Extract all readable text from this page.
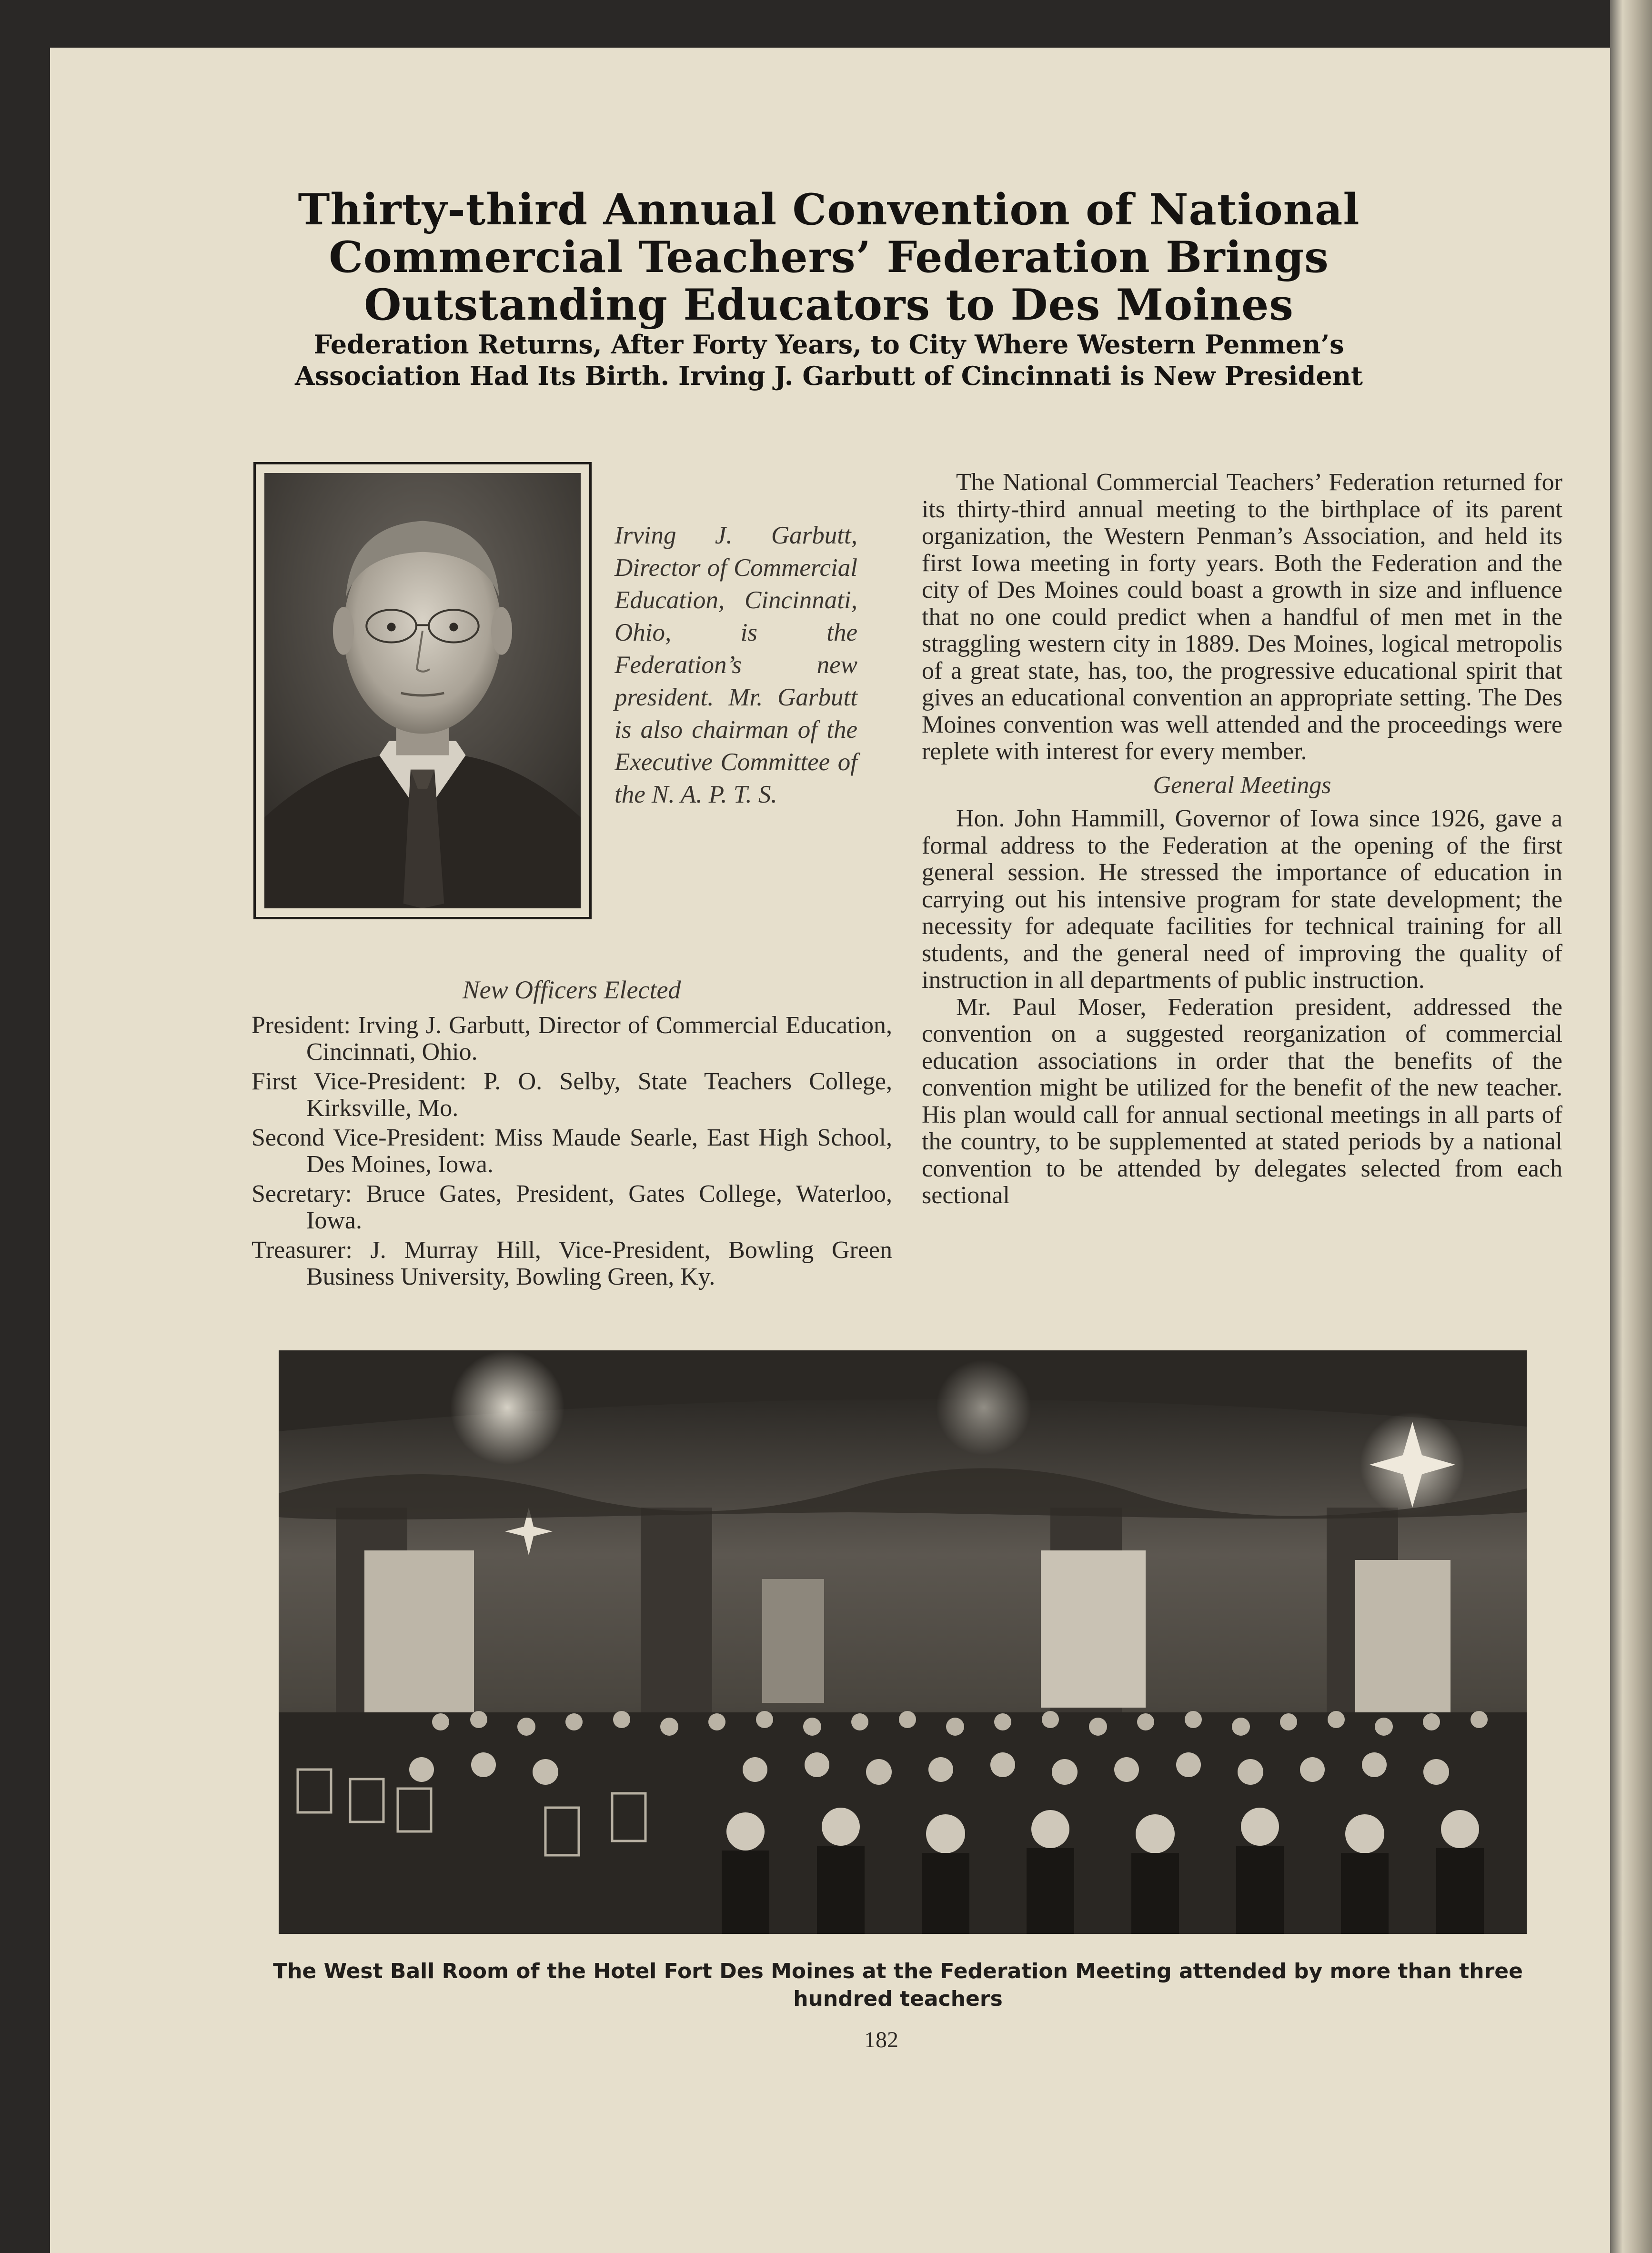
Thirty-third Annual Convention of National Commercial Teachers’ Federation Brings Outstanding Educators to Des Moines
Federation Returns, After Forty Years, to City Where Western Penmen’s Association Had Its Birth. Irving J. Garbutt of Cincinnati is New President
Irving J. Garbutt, Director of Commercial Education, Cincinnati, Ohio, is the Federation’s new president. Mr. Garbutt is also chairman of the Executive Committee of the N. A. P. T. S.
New Officers Elected
President: Irving J. Garbutt, Director of Commercial Education, Cincinnati, Ohio.
First Vice-President: P. O. Selby, State Teachers College, Kirksville, Mo.
Second Vice-President: Miss Maude Searle, East High School, Des Moines, Iowa.
Secretary: Bruce Gates, President, Gates College, Waterloo, Iowa.
Treasurer: J. Murray Hill, Vice-President, Bowling Green Business University, Bowling Green, Ky.

The National Commercial Teachers’ Federation returned for its thirty-third annual meeting to the birthplace of its parent organization, the Western Penman’s Association, and held its first Iowa meeting in forty years. Both the Federation and the city of Des Moines could boast a growth in size and influence that no one could predict when a handful of men met in the straggling western city in 1889. Des Moines, logical metropolis of a great state, has, too, the progressive educational spirit that gives an educational convention an appropriate setting. The Des Moines convention was well attended and the proceedings were replete with interest for every member.

General Meetings

Hon. John Hammill, Governor of Iowa since 1926, gave a formal address to the Federation at the opening of the first general session. He stressed the importance of education in carrying out his intensive program for state development; the necessity for adequate facilities for technical training for all students, and the general need of improving the quality of instruction in all departments of public instruction.

Mr. Paul Moser, Federation president, addressed the convention on a suggested reorganization of commercial education associations in order that the benefits of the convention might be utilized for the benefit of the new teacher. His plan would call for annual sectional meetings in all parts of the country, to be supplemented at stated periods by a national convention to be attended by delegates selected from each sectional

The West Ball Room of the Hotel Fort Des Moines at the Federation Meeting attended by more than three hundred teachers
182
